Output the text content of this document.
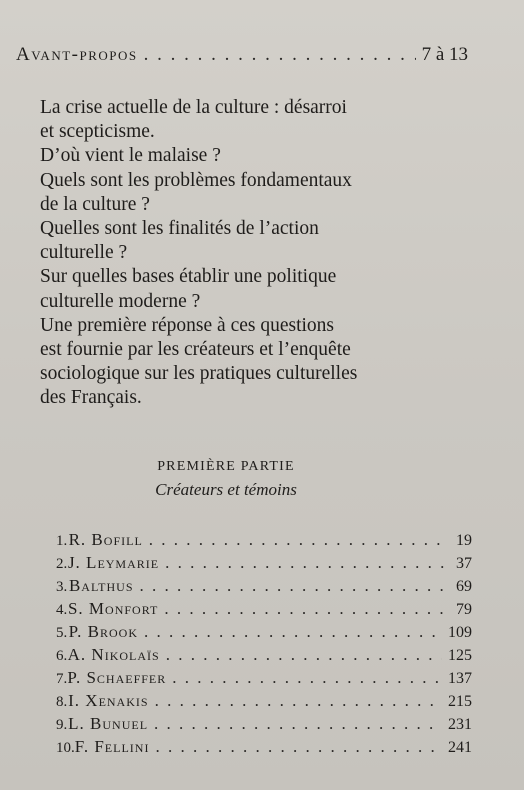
Avant-propos . . .	7 à 13
La crise actuelle de la culture : désarroi
et scepticisme.
D’où vient le malaise ?
Quels sont les problèmes fondamentaux
de la culture ?
Quelles sont les finalités de l’action
culturelle ?
Sur quelles bases établir une politique
culturelle moderne ?
Une première réponse à ces questions
est fournie par les créateurs et l’enquête
sociologique sur les pratiques culturelles
des Français.
PREMIÈRE PARTIE
Créateurs et témoins
1. R. Bofill . . .	19
2. J. Leymarie . . .	37
3. Balthus . . .	69
4. S. Monfort . . .	79
5. P. Brook . . .	109
6. A. Nikolaïs . . .	125
7. P. Schaeffer . . .	137
8. I. Xenakis . . .	215
9. L. Bunuel . . .	231
10. F. Fellini . . .	241
